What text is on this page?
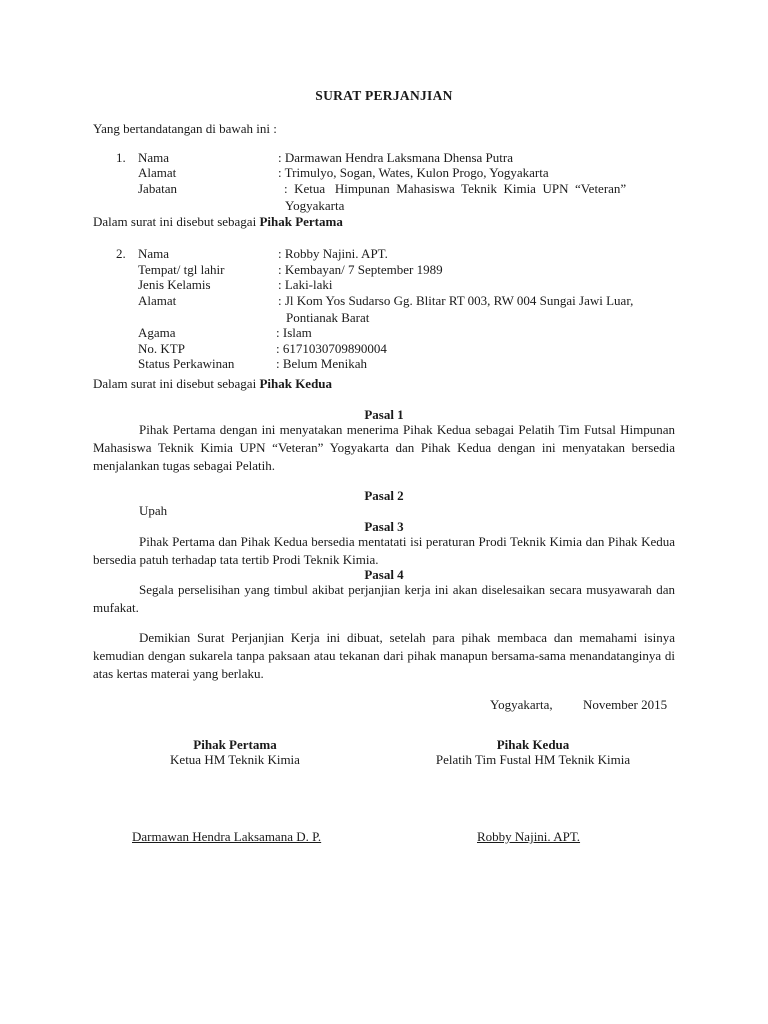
SURAT PERJANJIAN
Yang bertandatangan di bawah ini :
1. Nama	: Darmawan Hendra Laksmana Dhensa Putra
Alamat	: Trimulyo, Sogan, Wates, Kulon Progo, Yogyakarta
Jabatan	:  Ketua   Himpunan  Mahasiswa  Teknik  Kimia  UPN  “Veteran”
Yogyakarta
Dalam surat ini disebut sebagai Pihak Pertama
2. Nama	: Robby Najini. APT.
Tempat/ tgl lahir	: Kembayan/ 7 September 1989
Jenis Kelamis	: Laki-laki
Alamat	: Jl Kom Yos Sudarso Gg. Blitar RT 003, RW 004 Sungai Jawi Luar,
Pontianak Barat
Agama	: Islam
No. KTP	: 6171030709890004
Status Perkawinan	: Belum Menikah
Dalam surat ini disebut sebagai Pihak Kedua
Pasal 1

Pihak Pertama dengan ini menyatakan menerima Pihak Kedua sebagai Pelatih Tim Futsal Himpunan Mahasiswa Teknik Kimia UPN “Veteran” Yogyakarta dan Pihak Kedua dengan ini menyatakan bersedia menjalankan tugas sebagai Pelatih.

Pasal 2
Upah
Pasal 3

Pihak Pertama dan Pihak Kedua bersedia mentatati isi peraturan Prodi Teknik Kimia dan Pihak Kedua bersedia patuh terhadap tata tertib Prodi Teknik Kimia.

Pasal 4

Segala perselisihan yang timbul akibat perjanjian kerja ini akan diselesaikan secara musyawarah dan mufakat.

Demikian Surat Perjanjian Kerja ini dibuat, setelah para pihak membaca dan memahami isinya kemudian dengan sukarela tanpa paksaan atau tekanan dari pihak manapun bersama-sama menandatanginya di atas kertas materai yang berlaku.

Yogyakarta, November 2015
Pihak Pertama
Ketua HM Teknik Kimia
Pihak Kedua
Pelatih Tim Fustal HM Teknik Kimia
Darmawan Hendra Laksamana D. P.	Robby Najini. APT.
